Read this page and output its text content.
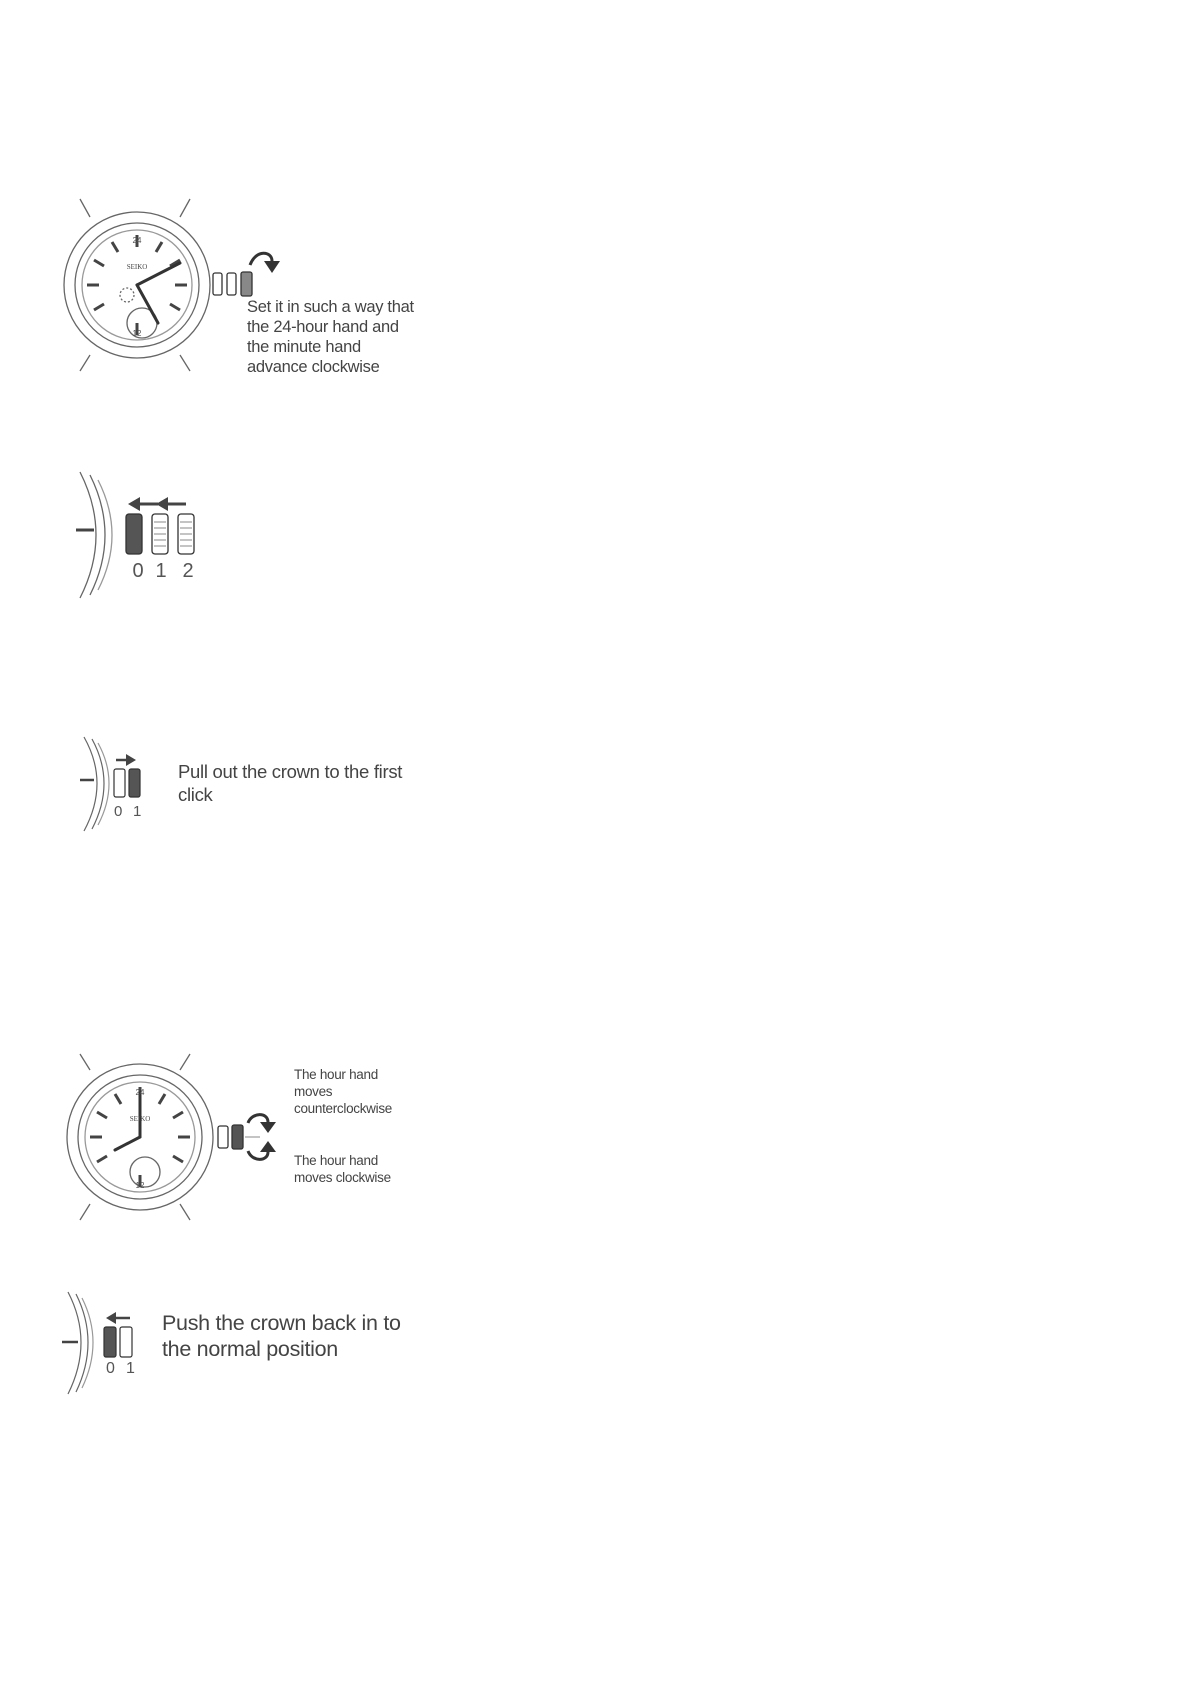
24
12
SEIKO
Set it in such a way that
the 24-hour hand and
the minute hand
advance clockwise
0 1 2
0 1
Pull out the crown to the first
click
24
12
SEIKO
The hour hand
moves
counterclockwise
The hour hand
moves clockwise
0 1
Push the crown back in to
the normal position
